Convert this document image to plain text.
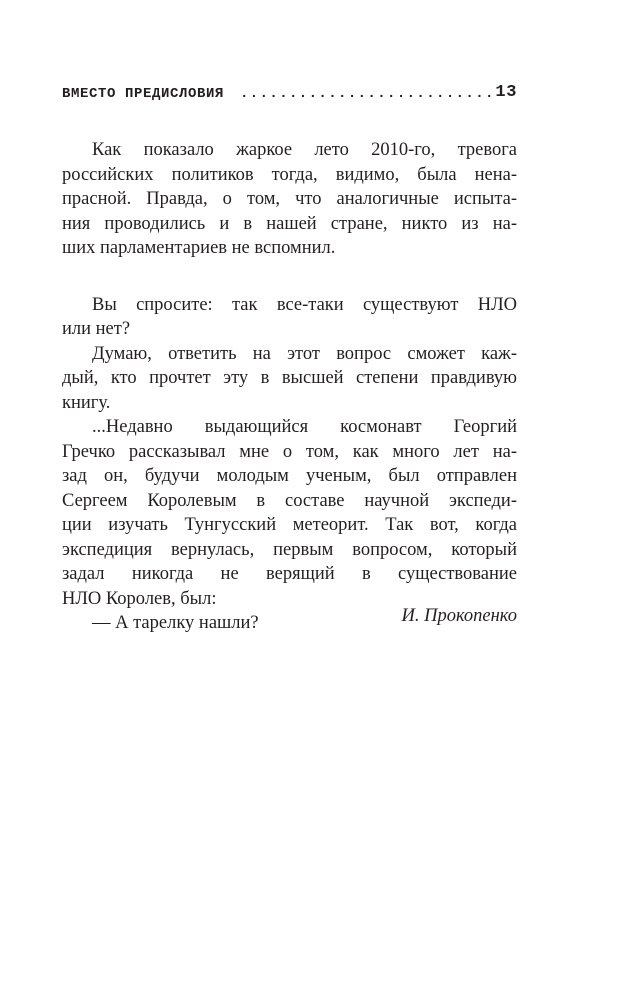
ВМЕСТО ПРЕДИСЛОВИЯ .......................... 13
Как показало жаркое лето 2010-го, тревога
российских политиков тогда, видимо, была нена-
прасной. Правда, о том, что аналогичные испыта-
ния проводились и в нашей стране, никто из на-
ших парламентариев не вспомнил.
Вы спросите: так все-таки существуют НЛО
или нет?
Думаю, ответить на этот вопрос сможет каж-
дый, кто прочтет эту в высшей степени правдивую
книгу.
...Недавно выдающийся космонавт Георгий
Гречко рассказывал мне о том, как много лет на-
зад он, будучи молодым ученым, был отправлен
Сергеем Королевым в составе научной экспеди-
ции изучать Тунгусский метеорит. Так вот, когда
экспедиция вернулась, первым вопросом, который
задал никогда не верящий в существование
НЛО Королев, был:
— А тарелку нашли?	И. Прокопенко
